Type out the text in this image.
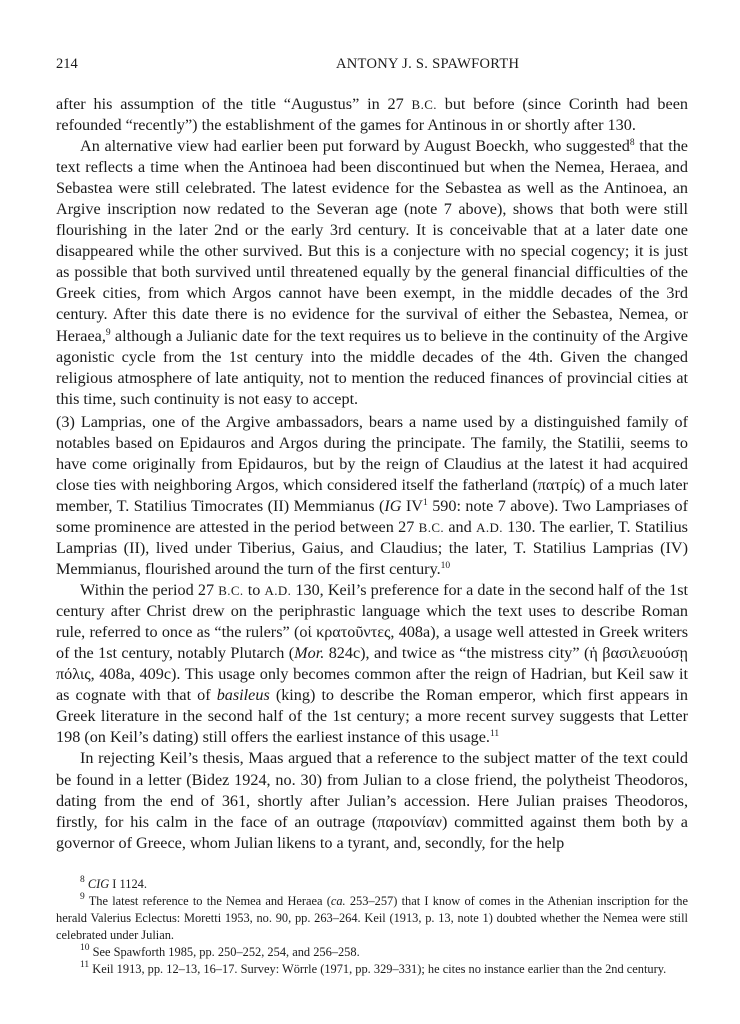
214	ANTONY J. S. SPAWFORTH

after his assumption of the title “Augustus” in 27 B.C. but before (since Corinth had been refounded “recently”) the establishment of the games for Antinous in or shortly after 130.

An alternative view had earlier been put forward by August Boeckh, who suggested$^8$ that the text reflects a time when the Antinoea had been discontinued but when the Nemea, Heraea, and Sebastea were still celebrated. The latest evidence for the Sebastea as well as the Antinoea, an Argive inscription now redated to the Severan age (note 7 above), shows that both were still flourishing in the later 2nd or the early 3rd century. It is conceivable that at a later date one disappeared while the other survived. But this is a conjecture with no special cogency; it is just as possible that both survived until threatened equally by the general financial difficulties of the Greek cities, from which Argos cannot have been exempt, in the middle decades of the 3rd century. After this date there is no evidence for the survival of either the Sebastea, Nemea, or Heraea,$^9$ although a Julianic date for the text requires us to believe in the continuity of the Argive agonistic cycle from the 1st century into the middle decades of the 4th. Given the changed religious atmosphere of late antiquity, not to mention the reduced finances of provincial cities at this time, such continuity is not easy to accept.

(3) Lamprias, one of the Argive ambassadors, bears a name used by a distinguished family of notables based on Epidauros and Argos during the principate. The family, the Statilii, seems to have come originally from Epidauros, but by the reign of Claudius at the latest it had acquired close ties with neighboring Argos, which considered itself the fatherland (πατρίς) of a much later member, T. Statilius Timocrates (II) Memmianus (IG $IV^1$ 590: note 7 above). Two Lampriases of some prominence are attested in the period between 27 B.C. and A.D. 130. The earlier, T. Statilius Lamprias (II), lived under Tiberius, Gaius, and Claudius; the later, T. Statilius Lamprias (IV) Memmianus, flourished around the turn of the first century.$^{10}$

Within the period 27 B.C. to A.D. 130, Keil’s preference for a date in the second half of the 1st century after Christ drew on the periphrastic language which the text uses to describe Roman rule, referred to once as “the rulers” (οἱ κρατοῦντες, 408a), a usage well attested in Greek writers of the 1st century, notably Plutarch (Mor. 824c), and twice as “the mistress city” (ἡ βασιλευούσῃ πόλις, 408a, 409c). This usage only becomes common after the reign of Hadrian, but Keil saw it as cognate with that of basileus (king) to describe the Roman emperor, which first appears in Greek literature in the second half of the 1st century; a more recent survey suggests that Letter 198 (on Keil’s dating) still offers the earliest instance of this usage.$^{11}$

In rejecting Keil’s thesis, Maas argued that a reference to the subject matter of the text could be found in a letter (Bidez 1924, no. 30) from Julian to a close friend, the polytheist Theodoros, dating from the end of 361, shortly after Julian’s accession. Here Julian praises Theodoros, firstly, for his calm in the face of an outrage (παροινίαν) committed against them both by a governor of Greece, whom Julian likens to a tyrant, and, secondly, for the help

$^8$ CIG I 1124.

$^9$ The latest reference to the Nemea and Heraea (ca. 253–257) that I know of comes in the Athenian inscription for the herald Valerius Eclectus: Moretti 1953, no. 90, pp. 263–264. Keil (1913, p. 13, note 1) doubted whether the Nemea were still celebrated under Julian.

$^{10}$ See Spawforth 1985, pp. 250–252, 254, and 256–258.

$^{11}$ Keil 1913, pp. 12–13, 16–17. Survey: Wörrle (1971, pp. 329–331); he cites no instance earlier than the 2nd century.
